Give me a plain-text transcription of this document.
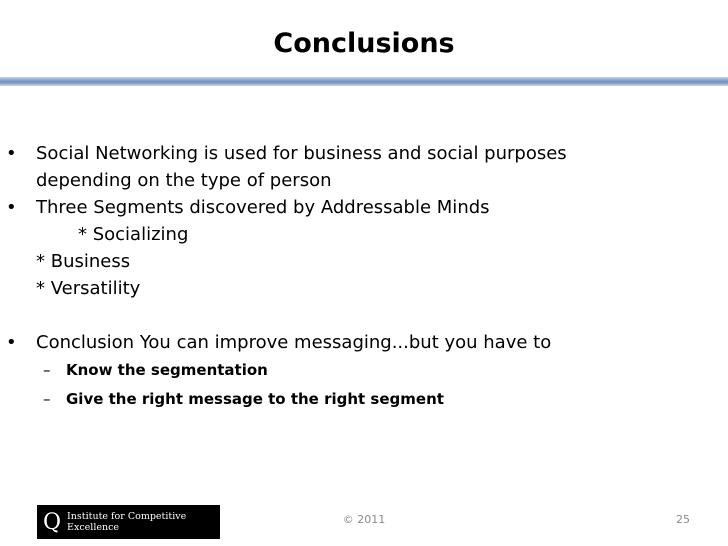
Conclusions

• Social Networking is used for business and social purposes

depending on the type of person

• Three Segments discovered by Addressable Minds

* Socializing

* Business

* Versatility

• Conclusion You can improve messaging...but you have to

– Know the segmentation

– Give the right message to the right segment

Q Institute for Competitive Excellence
© 2011	25
